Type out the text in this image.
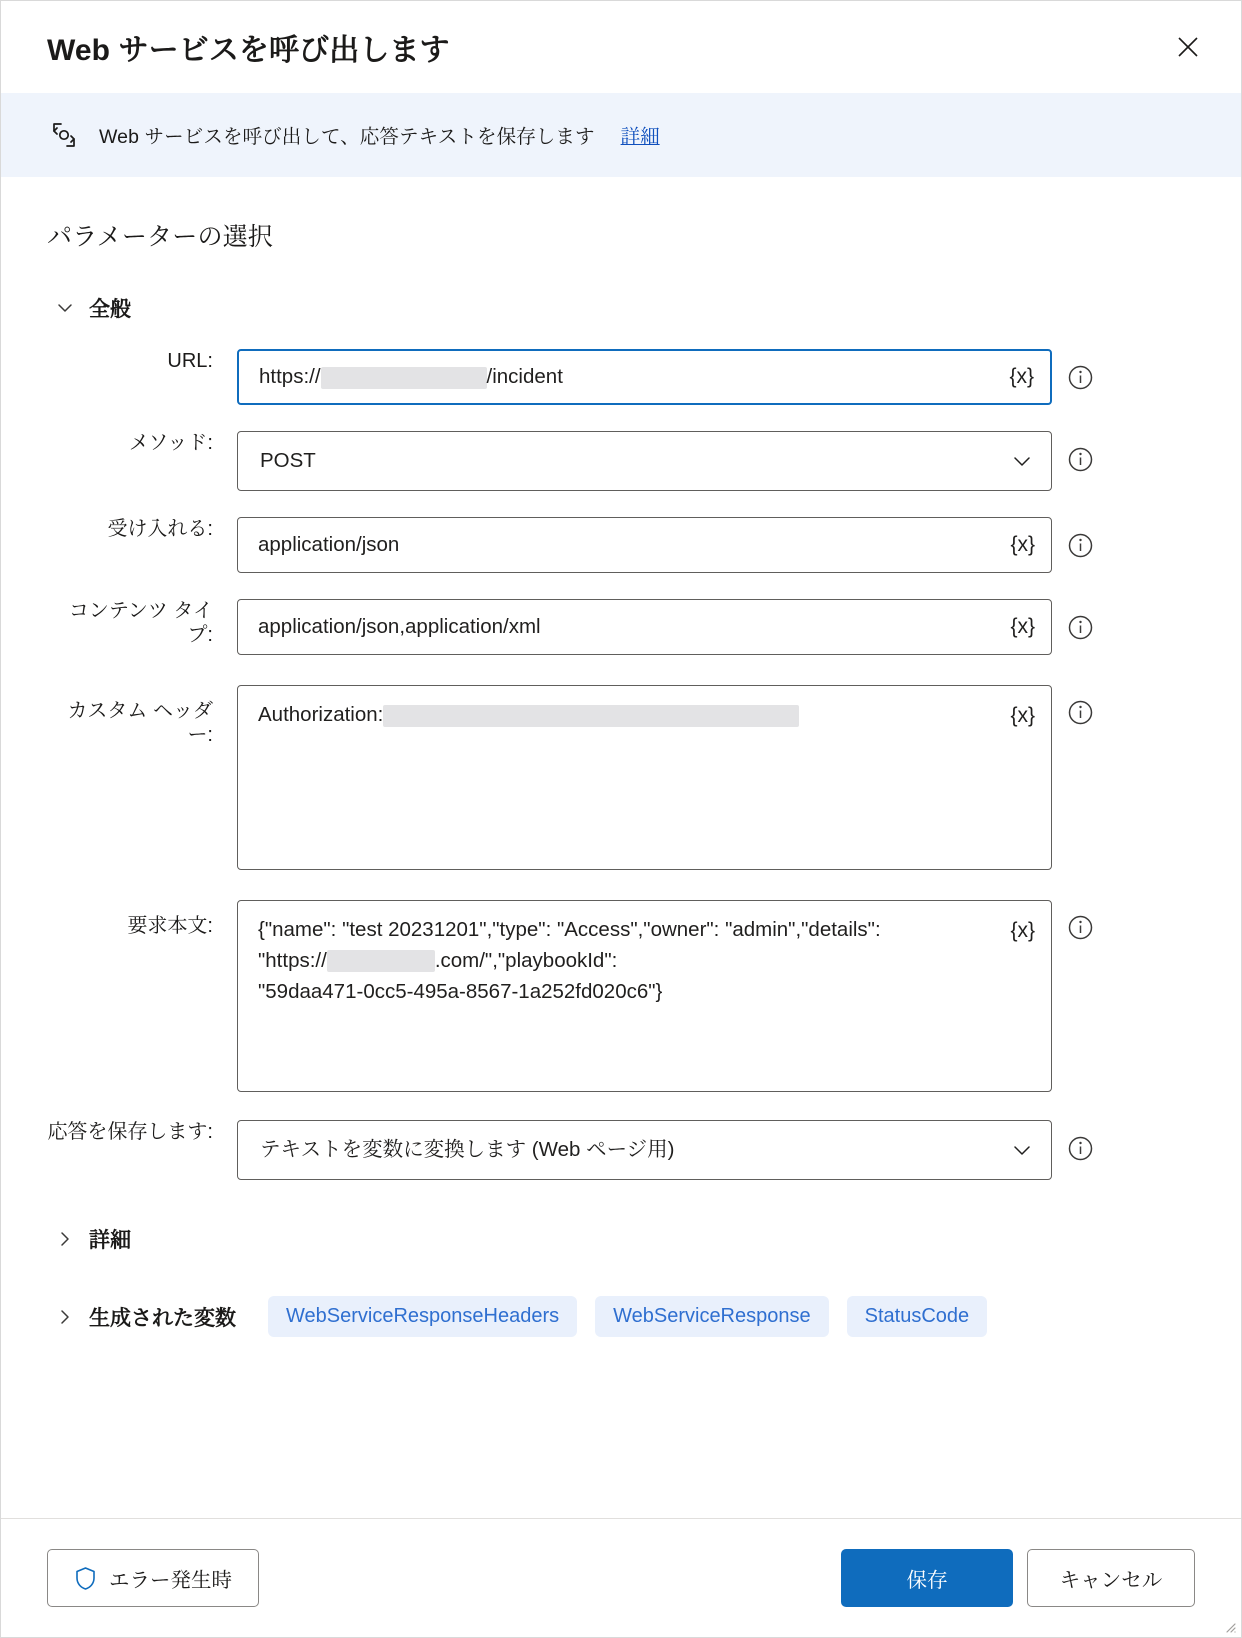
Web サービスを呼び出します
Web サービスを呼び出して、応答テキストを保存します 詳細
パラメーターの選択
全般
URL:
https://	/incident	{x}
メソッド:
POST
受け入れる:
application/json	{x}
コンテンツ タイプ:	application/json,application/xml	{x}
カスタム ヘッダー:
Authorization:	{x}
要求本文:	{"name": "test 20231201","type": "Access","owner": "admin","details":
"https://	.com/","playbookId":
"59daa471-0cc5-495a-8567-1a252fd020c6"}
{x}
応答を保存します:
テキストを変数に変換します (Web ページ用)
詳細
生成された変数	WebServiceResponseHeaders	WebServiceResponse	StatusCode
エラー発生時	保存	キャンセル
